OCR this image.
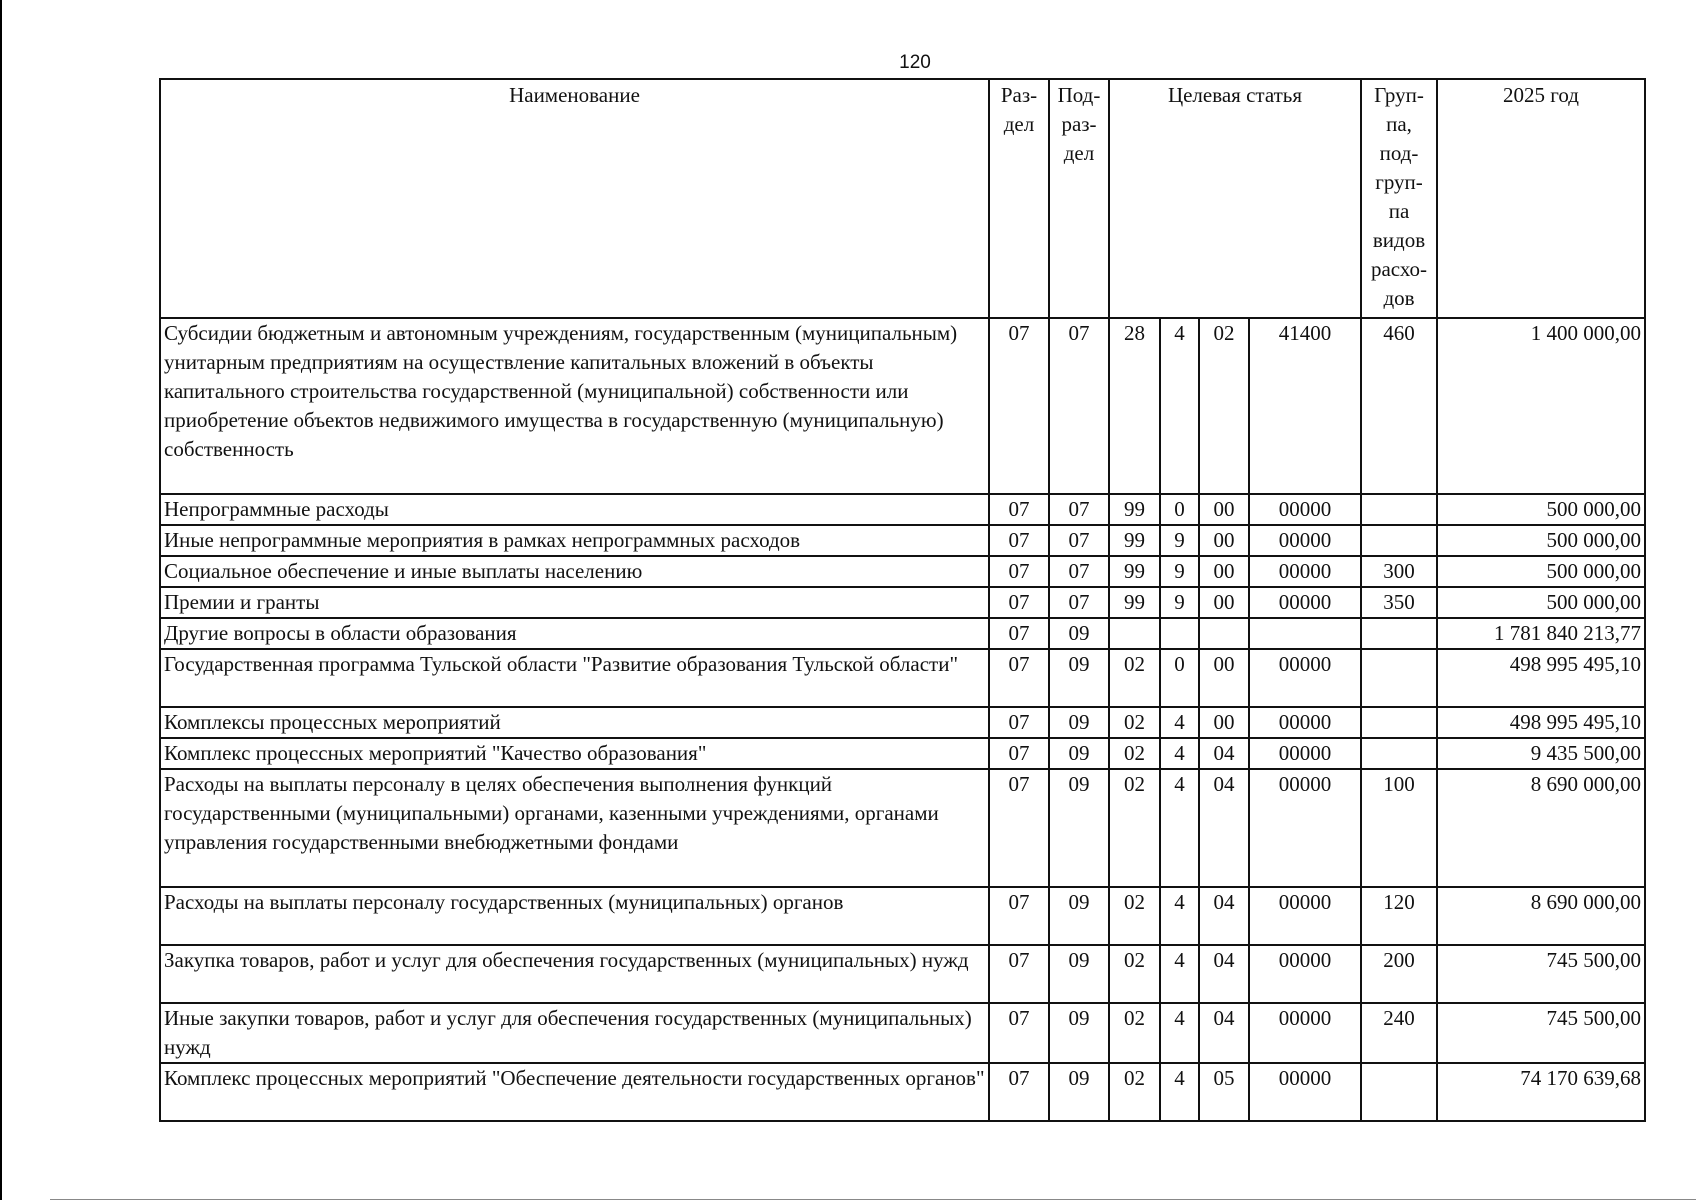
120
Наименование	Раз-дел	Под-раз-дел	Целевая статья				Груп-па, под-груп-па видов расхо-дов	2025 год
Субсидии бюджетным и автономным учреждениям, государственным (муниципальным) унитарным предприятиям на осуществление капитальных вложений в объекты капитального строительства государственной (муниципальной) собственности или приобретение объектов недвижимого имущества в государственную (муниципальную) собственность	07	07	28	4	02	41400	460	1 400 000,00
Непрограммные расходы	07	07	99	0	00	00000		500 000,00
Иные непрограммные мероприятия в рамках непрограммных расходов	07	07	99	9	00	00000		500 000,00
Социальное обеспечение и иные выплаты населению	07	07	99	9	00	00000	300	500 000,00
Премии и гранты	07	07	99	9	00	00000	350	500 000,00
Другие вопросы в области образования	07	09						1 781 840 213,77
Государственная программа Тульской области "Развитие образования Тульской области"	07	09	02	0	00	00000		498 995 495,10
Комплексы процессных мероприятий	07	09	02	4	00	00000		498 995 495,10
Комплекс процессных мероприятий "Качество образования"	07	09	02	4	04	00000		9 435 500,00
Расходы на выплаты персоналу в целях обеспечения выполнения функций государственными (муниципальными) органами, казенными учреждениями, органами управления государственными внебюджетными фондами	07	09	02	4	04	00000	100	8 690 000,00
Расходы на выплаты персоналу государственных (муниципальных) органов	07	09	02	4	04	00000	120	8 690 000,00
Закупка товаров, работ и услуг для обеспечения государственных (муниципальных) нужд	07	09	02	4	04	00000	200	745 500,00
Иные закупки товаров, работ и услуг для обеспечения государственных (муниципальных) нужд	07	09	02	4	04	00000	240	745 500,00
Комплекс процессных мероприятий "Обеспечение деятельности государственных органов"	07	09	02	4	05	00000		74 170 639,68
